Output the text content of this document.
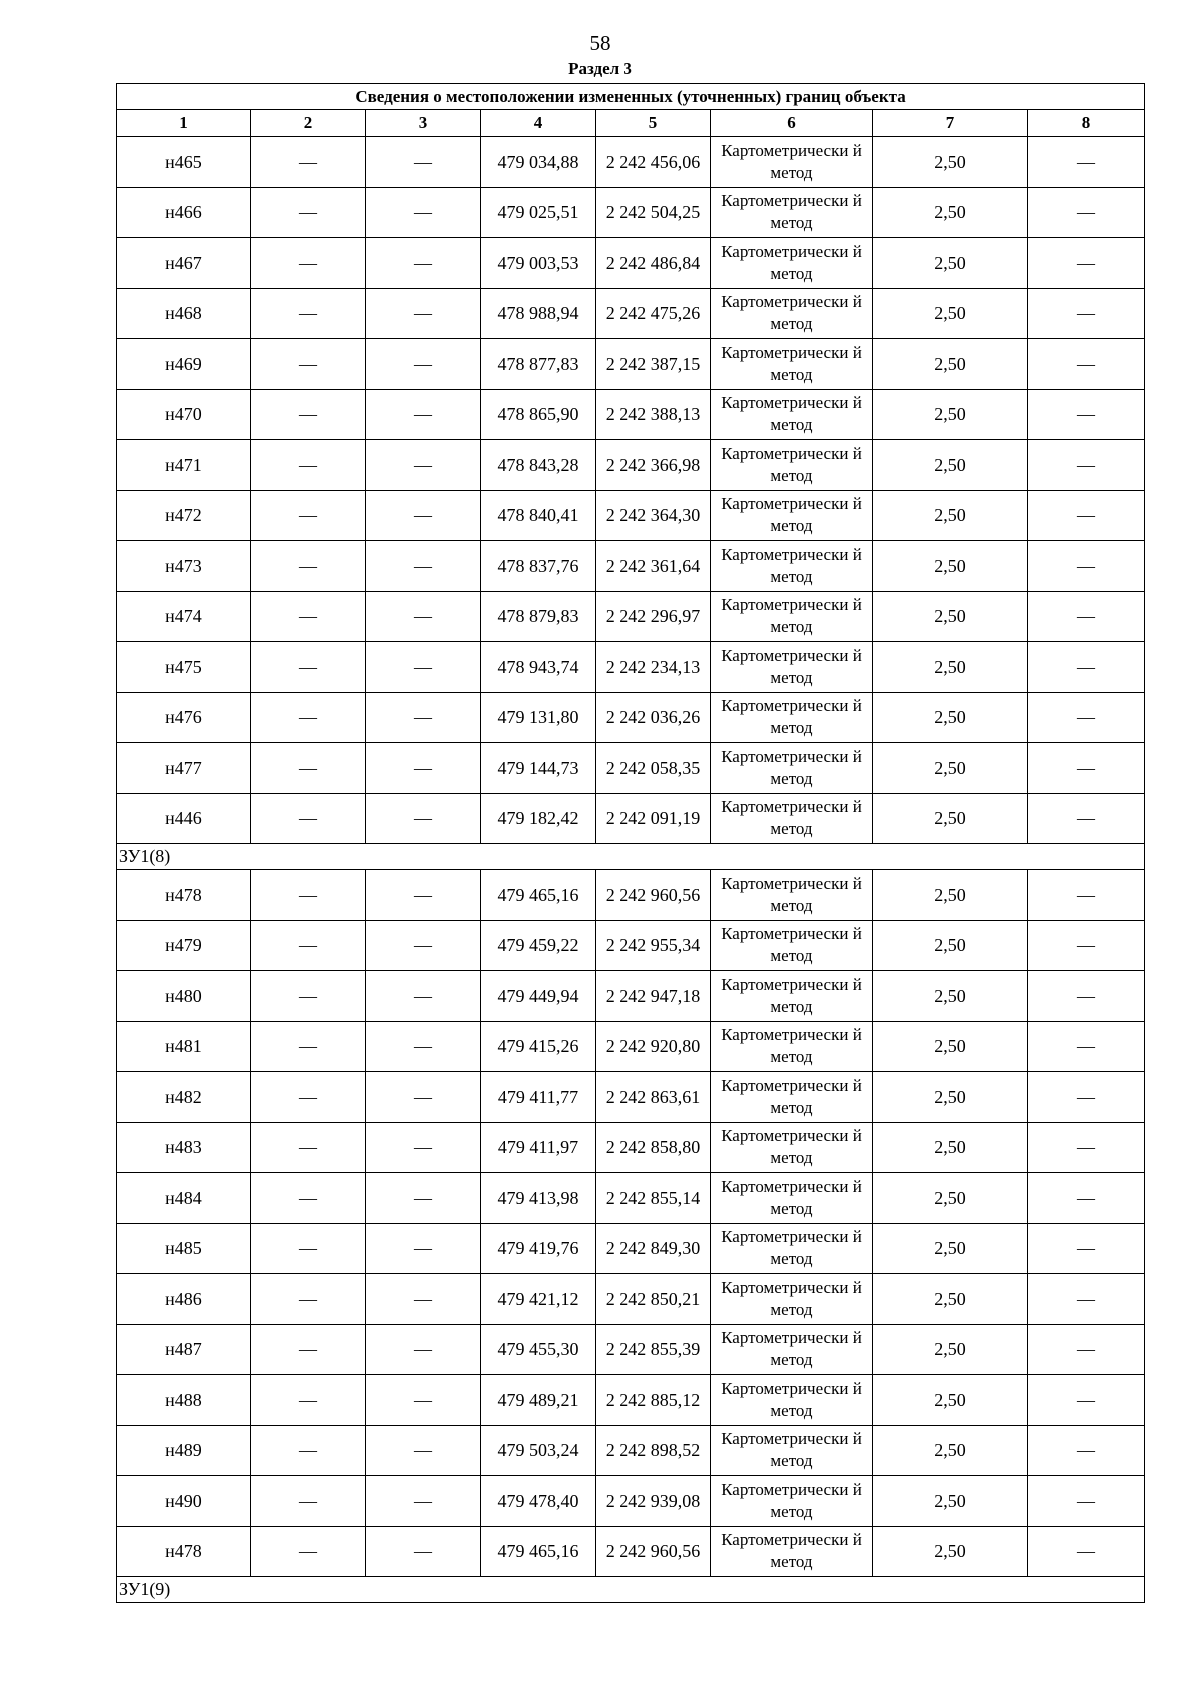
58
Раздел 3
Сведения о местоположении измененных (уточненных) границ объекта							
1	2	3	4	5	6	7	8
н465	—	—	479 034,88	2 242 456,06	Картометрически й метод	2,50	—
н466	—	—	479 025,51	2 242 504,25	Картометрически й метод	2,50	—
н467	—	—	479 003,53	2 242 486,84	Картометрически й метод	2,50	—
н468	—	—	478 988,94	2 242 475,26	Картометрически й метод	2,50	—
н469	—	—	478 877,83	2 242 387,15	Картометрически й метод	2,50	—
н470	—	—	478 865,90	2 242 388,13	Картометрически й метод	2,50	—
н471	—	—	478 843,28	2 242 366,98	Картометрически й метод	2,50	—
н472	—	—	478 840,41	2 242 364,30	Картометрически й метод	2,50	—
н473	—	—	478 837,76	2 242 361,64	Картометрически й метод	2,50	—
н474	—	—	478 879,83	2 242 296,97	Картометрически й метод	2,50	—
н475	—	—	478 943,74	2 242 234,13	Картометрически й метод	2,50	—
н476	—	—	479 131,80	2 242 036,26	Картометрически й метод	2,50	—
н477	—	—	479 144,73	2 242 058,35	Картометрически й метод	2,50	—
н446	—	—	479 182,42	2 242 091,19	Картометрически й метод	2,50	—
ЗУ1(8)							
н478	—	—	479 465,16	2 242 960,56	Картометрически й метод	2,50	—
н479	—	—	479 459,22	2 242 955,34	Картометрически й метод	2,50	—
н480	—	—	479 449,94	2 242 947,18	Картометрически й метод	2,50	—
н481	—	—	479 415,26	2 242 920,80	Картометрически й метод	2,50	—
н482	—	—	479 411,77	2 242 863,61	Картометрически й метод	2,50	—
н483	—	—	479 411,97	2 242 858,80	Картометрически й метод	2,50	—
н484	—	—	479 413,98	2 242 855,14	Картометрически й метод	2,50	—
н485	—	—	479 419,76	2 242 849,30	Картометрически й метод	2,50	—
н486	—	—	479 421,12	2 242 850,21	Картометрически й метод	2,50	—
н487	—	—	479 455,30	2 242 855,39	Картометрически й метод	2,50	—
н488	—	—	479 489,21	2 242 885,12	Картометрически й метод	2,50	—
н489	—	—	479 503,24	2 242 898,52	Картометрически й метод	2,50	—
н490	—	—	479 478,40	2 242 939,08	Картометрически й метод	2,50	—
н478	—	—	479 465,16	2 242 960,56	Картометрически й метод	2,50	—
ЗУ1(9)							
